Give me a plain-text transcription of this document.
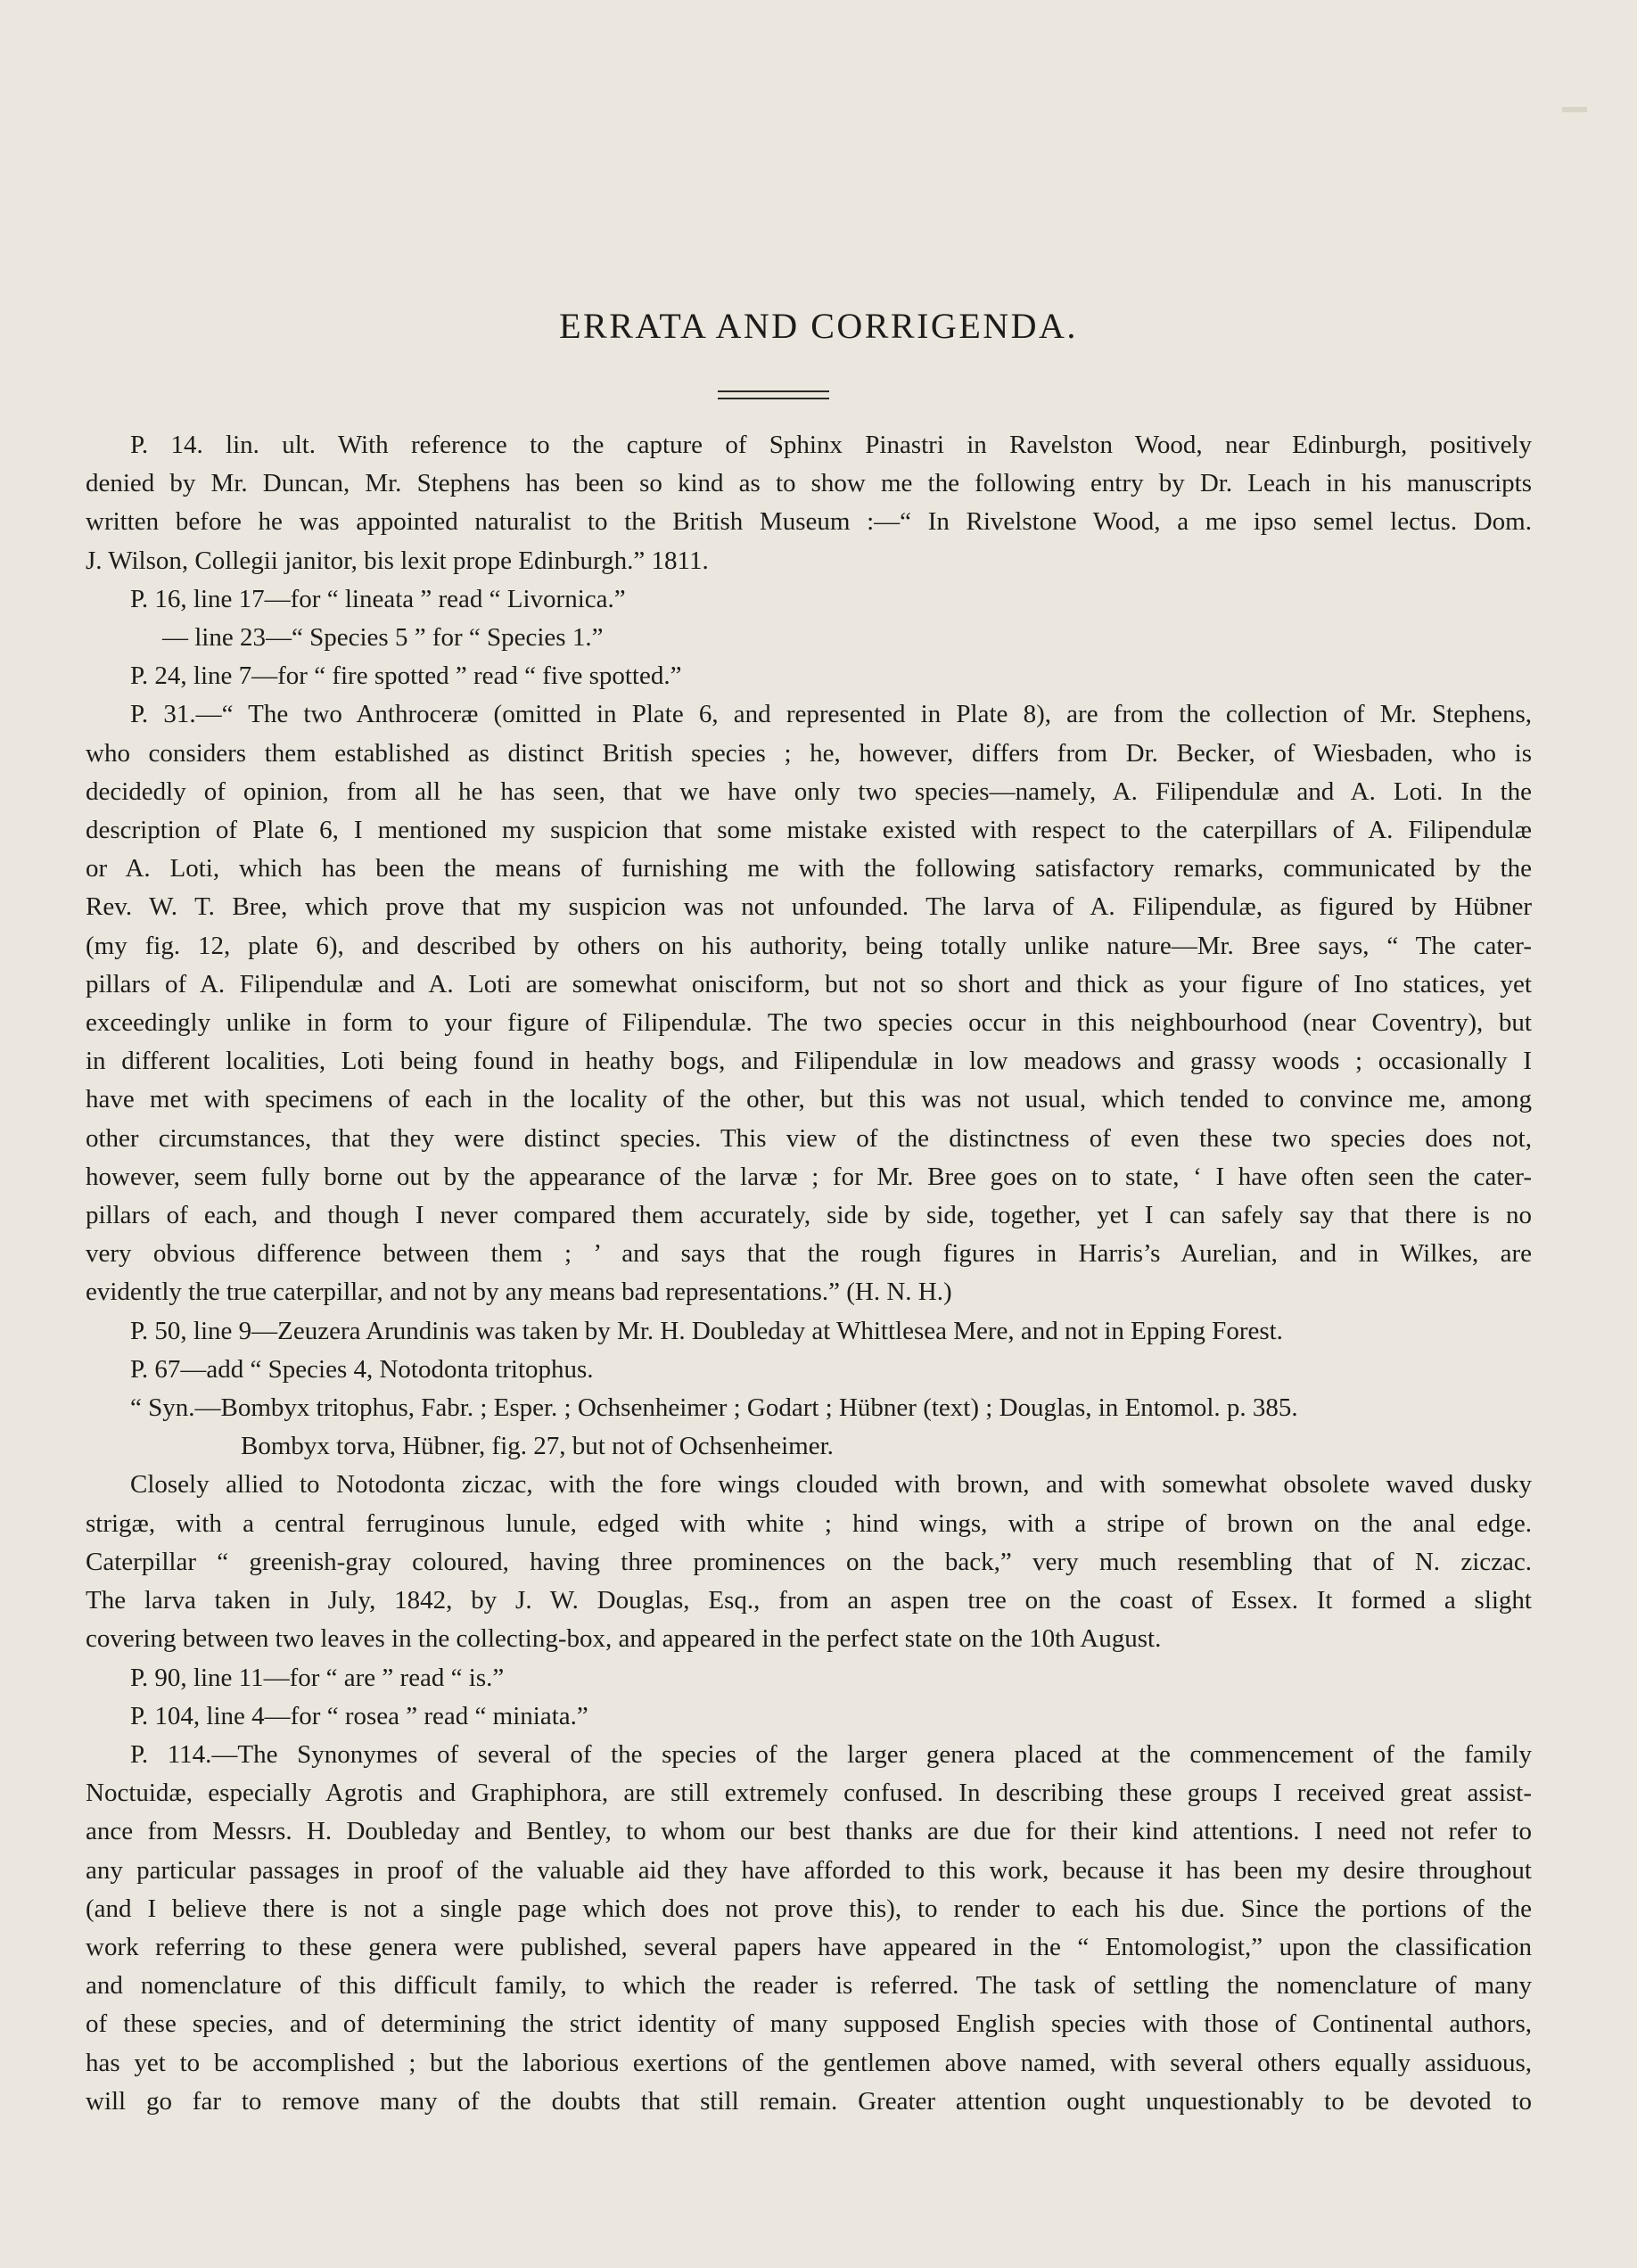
ERRATA AND CORRIGENDA.

P. 14. lin. ult. With reference to the capture of Sphinx Pinastri in Ravelston Wood, near Edinburgh, positively

denied by Mr. Duncan, Mr. Stephens has been so kind as to show me the following entry by Dr. Leach in his manuscripts

written before he was appointed naturalist to the British Museum :—“ In Rivelstone Wood, a me ipso semel lectus. Dom.

J. Wilson, Collegii janitor, bis lexit prope Edinburgh.” 1811.

P. 16, line 17—for “ lineata ” read “ Livornica.”

— line 23—“ Species 5 ” for “ Species 1.”

P. 24, line 7—for “ fire spotted ” read “ five spotted.”

P. 31.—“ The two Anthroceræ (omitted in Plate 6, and represented in Plate 8), are from the collection of Mr. Stephens,

who considers them established as distinct British species ; he, however, differs from Dr. Becker, of Wiesbaden, who is

decidedly of opinion, from all he has seen, that we have only two species—namely, A. Filipendulæ and A. Loti. In the

description of Plate 6, I mentioned my suspicion that some mistake existed with respect to the caterpillars of A. Filipendulæ

or A. Loti, which has been the means of furnishing me with the following satisfactory remarks, communicated by the

Rev. W. T. Bree, which prove that my suspicion was not unfounded. The larva of A. Filipendulæ, as figured by Hübner

(my fig. 12, plate 6), and described by others on his authority, being totally unlike nature—Mr. Bree says, “ The cater-

pillars of A. Filipendulæ and A. Loti are somewhat onisciform, but not so short and thick as your figure of Ino statices, yet

exceedingly unlike in form to your figure of Filipendulæ. The two species occur in this neighbourhood (near Coventry), but

in different localities, Loti being found in heathy bogs, and Filipendulæ in low meadows and grassy woods ; occasionally I

have met with specimens of each in the locality of the other, but this was not usual, which tended to convince me, among

other circumstances, that they were distinct species. This view of the distinctness of even these two species does not,

however, seem fully borne out by the appearance of the larvæ ; for Mr. Bree goes on to state, ‘ I have often seen the cater-

pillars of each, and though I never compared them accurately, side by side, together, yet I can safely say that there is no

very obvious difference between them ; ’ and says that the rough figures in Harris’s Aurelian, and in Wilkes, are

evidently the true caterpillar, and not by any means bad representations.” (H. N. H.)

P. 50, line 9—Zeuzera Arundinis was taken by Mr. H. Doubleday at Whittlesea Mere, and not in Epping Forest.

P. 67—add “ Species 4, Notodonta tritophus.

“ Syn.—Bombyx tritophus, Fabr. ; Esper. ; Ochsenheimer ; Godart ; Hübner (text) ; Douglas, in Entomol. p. 385.

Bombyx torva, Hübner, fig. 27, but not of Ochsenheimer.

Closely allied to Notodonta ziczac, with the fore wings clouded with brown, and with somewhat obsolete waved dusky

strigæ, with a central ferruginous lunule, edged with white ; hind wings, with a stripe of brown on the anal edge.

Caterpillar “ greenish-gray coloured, having three prominences on the back,” very much resembling that of N. ziczac.

The larva taken in July, 1842, by J. W. Douglas, Esq., from an aspen tree on the coast of Essex. It formed a slight

covering between two leaves in the collecting-box, and appeared in the perfect state on the 10th August.

P. 90, line 11—for “ are ” read “ is.”

P. 104, line 4—for “ rosea ” read “ miniata.”

P. 114.—The Synonymes of several of the species of the larger genera placed at the commencement of the family

Noctuidæ, especially Agrotis and Graphiphora, are still extremely confused. In describing these groups I received great assist-

ance from Messrs. H. Doubleday and Bentley, to whom our best thanks are due for their kind attentions. I need not refer to

any particular passages in proof of the valuable aid they have afforded to this work, because it has been my desire throughout

(and I believe there is not a single page which does not prove this), to render to each his due. Since the portions of the

work referring to these genera were published, several papers have appeared in the “ Entomologist,” upon the classification

and nomenclature of this difficult family, to which the reader is referred. The task of settling the nomenclature of many

of these species, and of determining the strict identity of many supposed English species with those of Continental authors,

has yet to be accomplished ; but the laborious exertions of the gentlemen above named, with several others equally assiduous,

will go far to remove many of the doubts that still remain. Greater attention ought unquestionably to be devoted to
